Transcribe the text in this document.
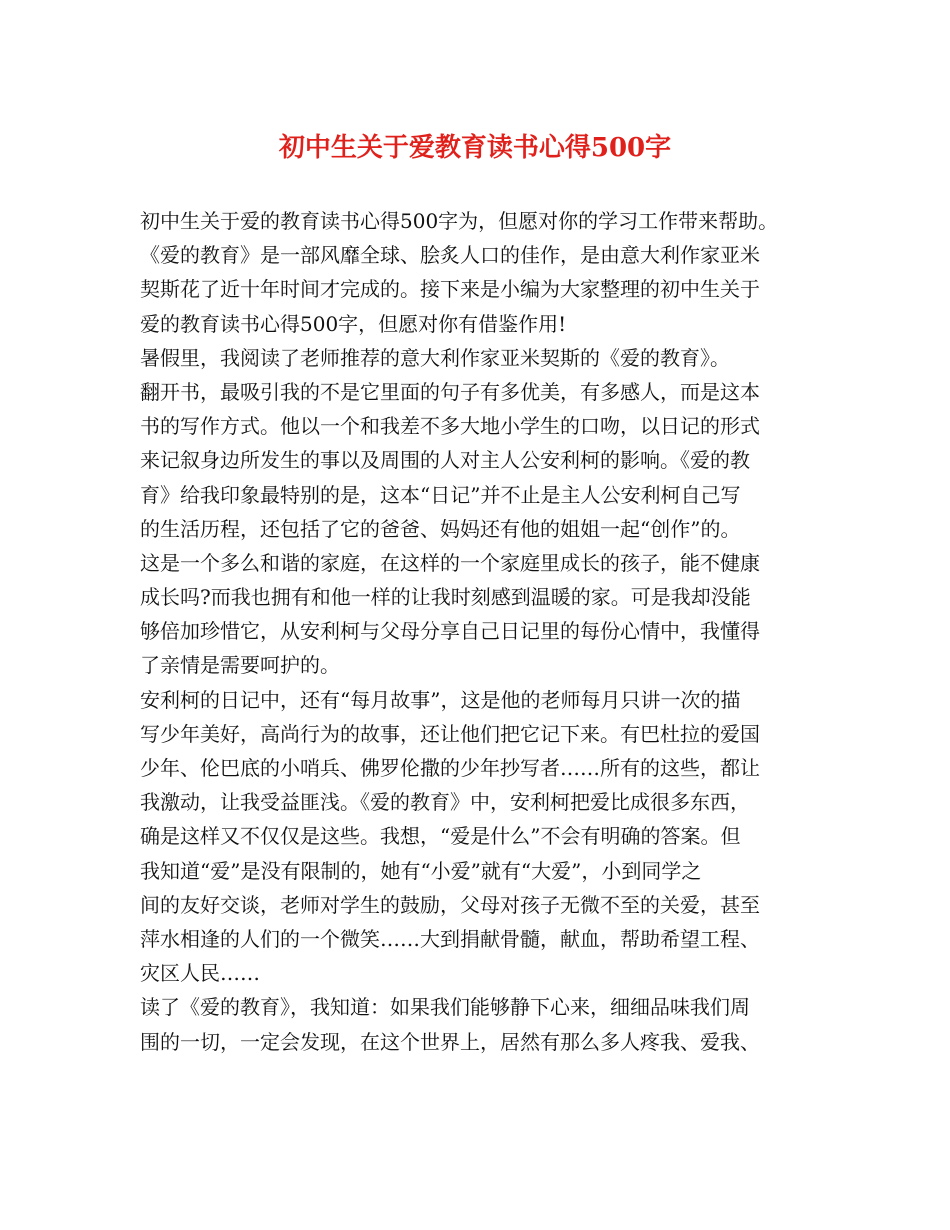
初中生关于爱教育读书心得500字
初中生关于爱的教育读书心得500字为，但愿对你的学习工作带来帮助。
《爱的教育》是一部风靡全球、脍炙人口的佳作，是由意大利作家亚米
契斯花了近十年时间才完成的。接下来是小编为大家整理的初中生关于
爱的教育读书心得500字，但愿对你有借鉴作用!
暑假里，我阅读了老师推荐的意大利作家亚米契斯的《爱的教育》。
翻开书，最吸引我的不是它里面的句子有多优美，有多感人，而是这本
书的写作方式。他以一个和我差不多大地小学生的口吻，以日记的形式
来记叙身边所发生的事以及周围的人对主人公安利柯的影响。《爱的教
育》给我印象最特别的是，这本“日记”并不止是主人公安利柯自己写
的生活历程，还包括了它的爸爸、妈妈还有他的姐姐一起“创作”的。
这是一个多么和谐的家庭，在这样的一个家庭里成长的孩子，能不健康
成长吗?而我也拥有和他一样的让我时刻感到温暖的家。可是我却没能
够倍加珍惜它，从安利柯与父母分享自己日记里的每份心情中，我懂得
了亲情是需要呵护的。
安利柯的日记中，还有“每月故事”，这是他的老师每月只讲一次的描
写少年美好，高尚行为的故事，还让他们把它记下来。有巴杜拉的爱国
少年、伦巴底的小哨兵、佛罗伦撒的少年抄写者……所有的这些，都让
我激动，让我受益匪浅。《爱的教育》中，安利柯把爱比成很多东西，
确是这样又不仅仅是这些。我想，“爱是什么”不会有明确的答案。但
我知道“爱”是没有限制的，她有“小爱”就有“大爱”，小到同学之
间的友好交谈，老师对学生的鼓励，父母对孩子无微不至的关爱，甚至
萍水相逢的人们的一个微笑……大到捐献骨髓，献血，帮助希望工程、
灾区人民……
读了《爱的教育》，我知道：如果我们能够静下心来，细细品味我们周
围的一切，一定会发现，在这个世界上，居然有那么多人疼我、爱我、
